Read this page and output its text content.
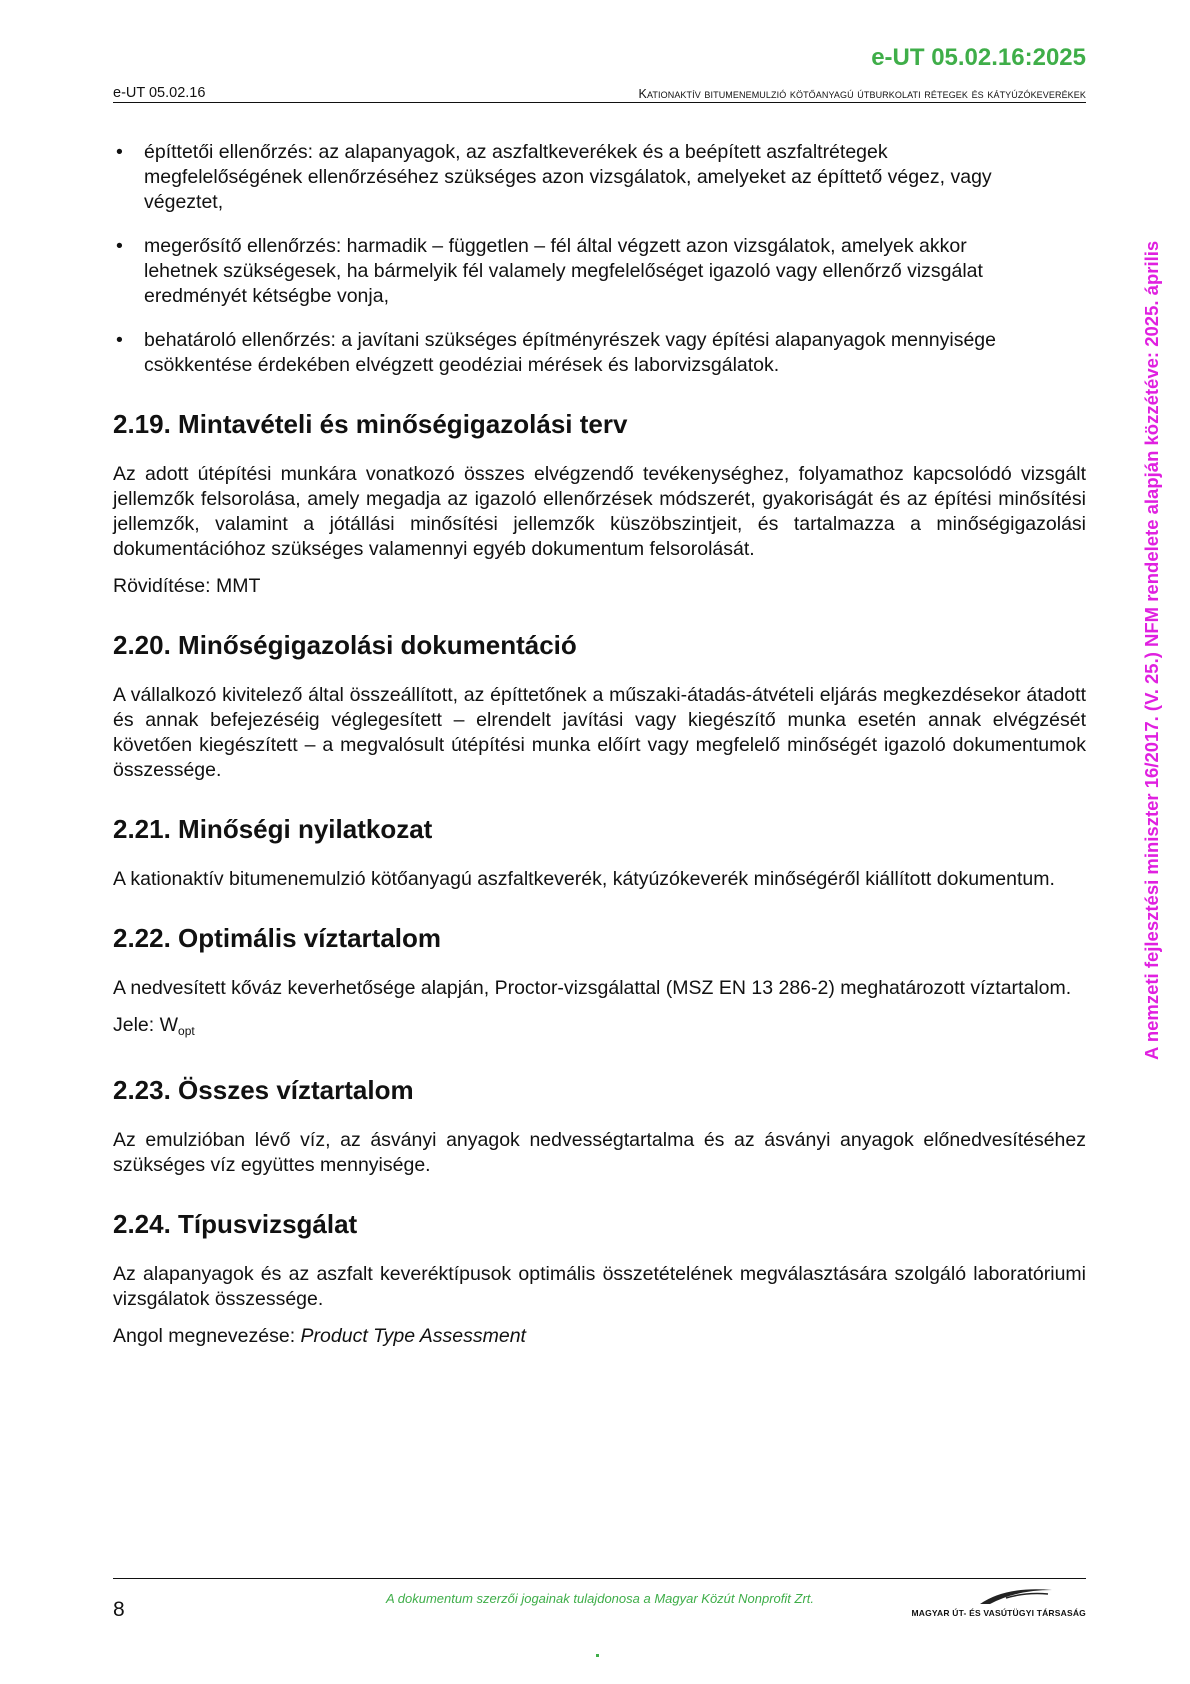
e-UT 05.02.16:2025
e-UT 05.02.16	Kationaktív bitumenemulzió kötőanyagú útburkolati rétegek és kátyúzókeverékek
• építtetői ellenőrzés: az alapanyagok, az aszfaltkeverékek és a beépített aszfaltrétegek megfelelőségének ellenőrzéséhez szükséges azon vizsgálatok, amelyeket az építtető végez, vagy végeztet,
• megerősítő ellenőrzés: harmadik – független – fél által végzett azon vizsgálatok, amelyek akkor lehetnek szükségesek, ha bármelyik fél valamely megfelelőséget igazoló vagy ellenőrző vizsgálat eredményét kétségbe vonja,
• behatároló ellenőrzés: a javítani szükséges építményrészek vagy építési alapanyagok mennyisége csökkentése érdekében elvégzett geodéziai mérések és laborvizsgálatok.
2.19. Mintavételi és minőségigazolási terv

Az adott útépítési munkára vonatkozó összes elvégzendő tevékenységhez, folyamathoz kapcsolódó vizsgált jellemzők felsorolása, amely megadja az igazoló ellenőrzések módszerét, gyakoriságát és az építési minősítési jellemzők, valamint a jótállási minősítési jellemzők küszöbszintjeit, és tartalmazza a minőségigazolási dokumentációhoz szükséges valamennyi egyéb dokumentum felsorolását.

Rövidítése: MMT

2.20. Minőségigazolási dokumentáció

A vállalkozó kivitelező által összeállított, az építtetőnek a műszaki-átadás-átvételi eljárás megkezdésekor átadott és annak befejezéséig véglegesített – elrendelt javítási vagy kiegészítő munka esetén annak elvégzését követően kiegészített – a megvalósult útépítési munka előírt vagy megfelelő minőségét igazoló dokumentumok összessége.

2.21. Minőségi nyilatkozat

A kationaktív bitumenemulzió kötőanyagú aszfaltkeverék, kátyúzókeverék minőségéről kiállított dokumentum.

2.22. Optimális víztartalom

A nedvesített kőváz keverhetősége alapján, Proctor-vizsgálattal (MSZ EN 13 286-2) meghatározott víztartalom.

Jele: $W_{opt}$

2.23. Összes víztartalom

Az emulzióban lévő víz, az ásványi anyagok nedvességtartalma és az ásványi anyagok előnedvesítéséhez szükséges víz együttes mennyisége.

2.24. Típusvizsgálat

Az alapanyagok és az aszfalt keveréktípusok optimális összetételének megválasztására szolgáló laboratóriumi vizsgálatok összessége.

Angol megnevezése: Product Type Assessment

A nemzeti fejlesztési miniszter 16/2017. (V. 25.) NFM rendelete alapján közzétéve: 2025. április
8	A dokumentum szerzői jogainak tulajdonosa a Magyar Közút Nonprofit Zrt.
MAGYAR ÚT- ÉS VASÚTÜGYI TÁRSASÁG
